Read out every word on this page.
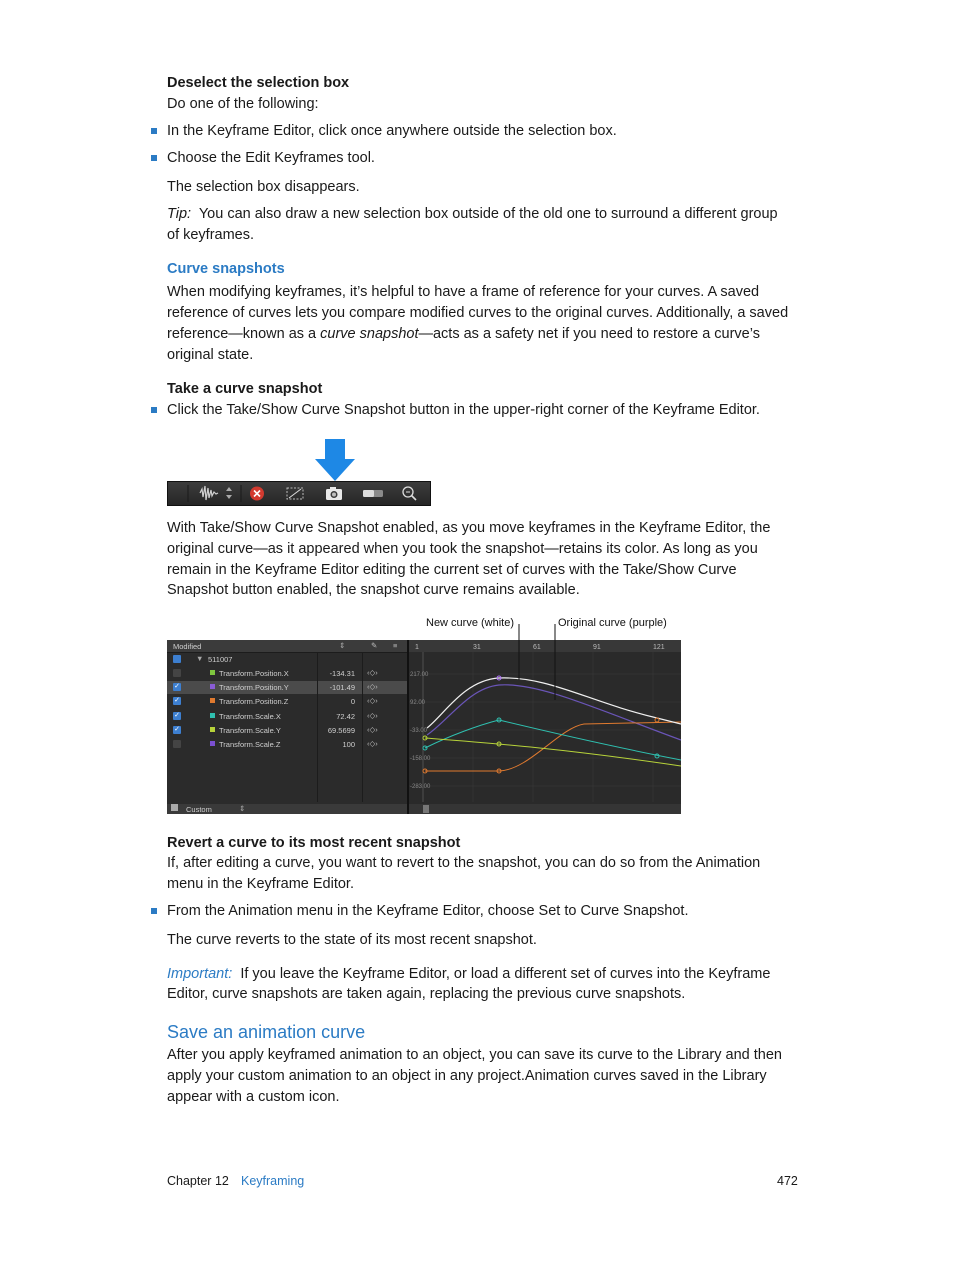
Deselect the selection box
Do one of the following:
In the Keyframe Editor, click once anywhere outside the selection box.
Choose the Edit Keyframes tool.
The selection box disappears.
Tip: You can also draw a new selection box outside of the old one to surround a different group
of keyframes.
Curve snapshots
When modifying keyframes, it’s helpful to have a frame of reference for your curves. A saved
reference of curves lets you compare modified curves to the original curves. Additionally, a saved
reference—known as a curve snapshot—acts as a safety net if you need to restore a curve’s
original state.
Take a curve snapshot
Click the Take/Show Curve Snapshot button in the upper-right corner of the Keyframe Editor.
With Take/Show Curve Snapshot enabled, as you move keyframes in the Keyframe Editor, the
original curve—as it appeared when you took the snapshot—retains its color. As long as you
remain in the Keyframe Editor editing the current set of curves with the Take/Show Curve
Snapshot button enabled, the snapshot curve remains available.
New curve (white)	Original curve (purple)
Modified	⇕	✎ ≡
▼ 511007
Transform.Position.X	-134.31 ‹◇›
✓	Transform.Position.Y	-101.49 ‹◇›
✓	Transform.Position.Z	0 ‹◇›
✓	Transform.Scale.X	72.42 ‹◇›
✓	Transform.Scale.Y	69.5699 ‹◇›
Transform.Scale.Z	100 ‹◇›
Custom	⇕
1	31	61	91	121
217.00
92.00
-33.00
-158.00
-283.00
Revert a curve to its most recent snapshot
If, after editing a curve, you want to revert to the snapshot, you can do so from the Animation
menu in the Keyframe Editor.
From the Animation menu in the Keyframe Editor, choose Set to Curve Snapshot.
The curve reverts to the state of its most recent snapshot.
Important: If you leave the Keyframe Editor, or load a different set of curves into the Keyframe
Editor, curve snapshots are taken again, replacing the previous curve snapshots.
Save an animation curve
After you apply keyframed animation to an object, you can save its curve to the Library and then
apply your custom animation to an object in any project.Animation curves saved in the Library
appear with a custom icon.
Chapter 12 Keyframing	472
